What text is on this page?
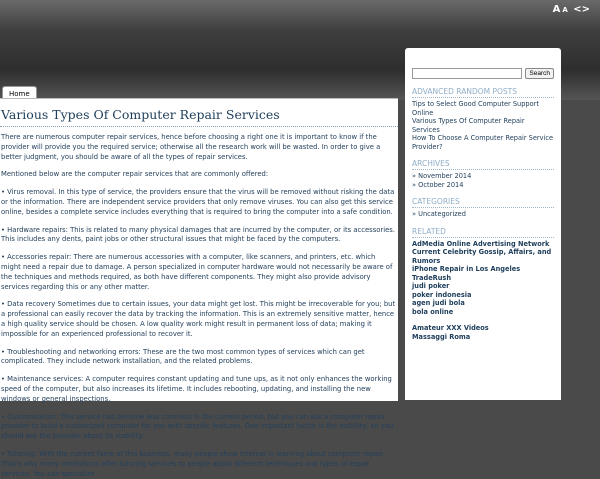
A A <>
Home
Various Types Of Computer Repair Services

There are numerous computer repair services, hence before choosing a right one it is important to know if the provider will provide you the required service; otherwise all the research work will be wasted. In order to give a better judgment, you should be aware of all the types of repair services.

Mentioned below are the computer repair services that are commonly offered:

• Virus removal. In this type of service, the providers ensure that the virus will be removed without risking the data or the information. There are independent service providers that only remove viruses. You can also get this service online, besides a complete service includes everything that is required to bring the computer into a safe condition.

• Hardware repairs: This is related to many physical damages that are incurred by the computer, or its accessories. This includes any dents, paint jobs or other structural issues that might be faced by the computers.

• Accessories repair: There are numerous accessories with a computer, like scanners, and printers, etc. which might need a repair due to damage. A person specialized in computer hardware would not necessarily be aware of the techniques and methods required, as both have different components. They might also provide advisory services regarding this or any other matter.

• Data recovery Sometimes due to certain issues, your data might get lost. This might be irrecoverable for you; but a professional can easily recover the data by tracking the information. This is an extremely sensitive matter, hence a high quality service should be chosen. A low quality work might result in permanent loss of data; making it impossible for an experienced professional to recover it.

• Troubleshooting and networking errors: These are the two most common types of services which can get complicated. They include network installation, and the related problems.

• Maintenance services: A computer requires constant updating and tune ups, as it not only enhances the working speed of the computer, but also increases its lifetime. It includes rebooting, updating, and installing the new windows or general inspections.

• Customization: This service has become less common in the current period, but you can ask a computer repair provider to build a customized computer for you with specific features. One important factor is the stability, so you should ask the provider about its stability.

• Tutoring: With the current fame of this business, many people show interest in learning about computer repair. That's why many institutions offer tutoring services to people about different techniques and types of repair services. You can specialize

Search
ADVANCED RANDOM POSTS
Tips to Select Good Computer Support Online
Various Types Of Computer Repair Services
How To Choose A Computer Repair Service Provider?
ARCHIVES
» November 2014
» October 2014
CATEGORIES
» Uncategorized
RELATED
AdMedia Online Advertising Network
Current Celebrity Gossip, Affairs, and Rumors
iPhone Repair in Los Angeles
TradeRush
judi poker
poker indonesia
agen judi bola
bola online
Amateur XXX Videos
Massaggi Roma
